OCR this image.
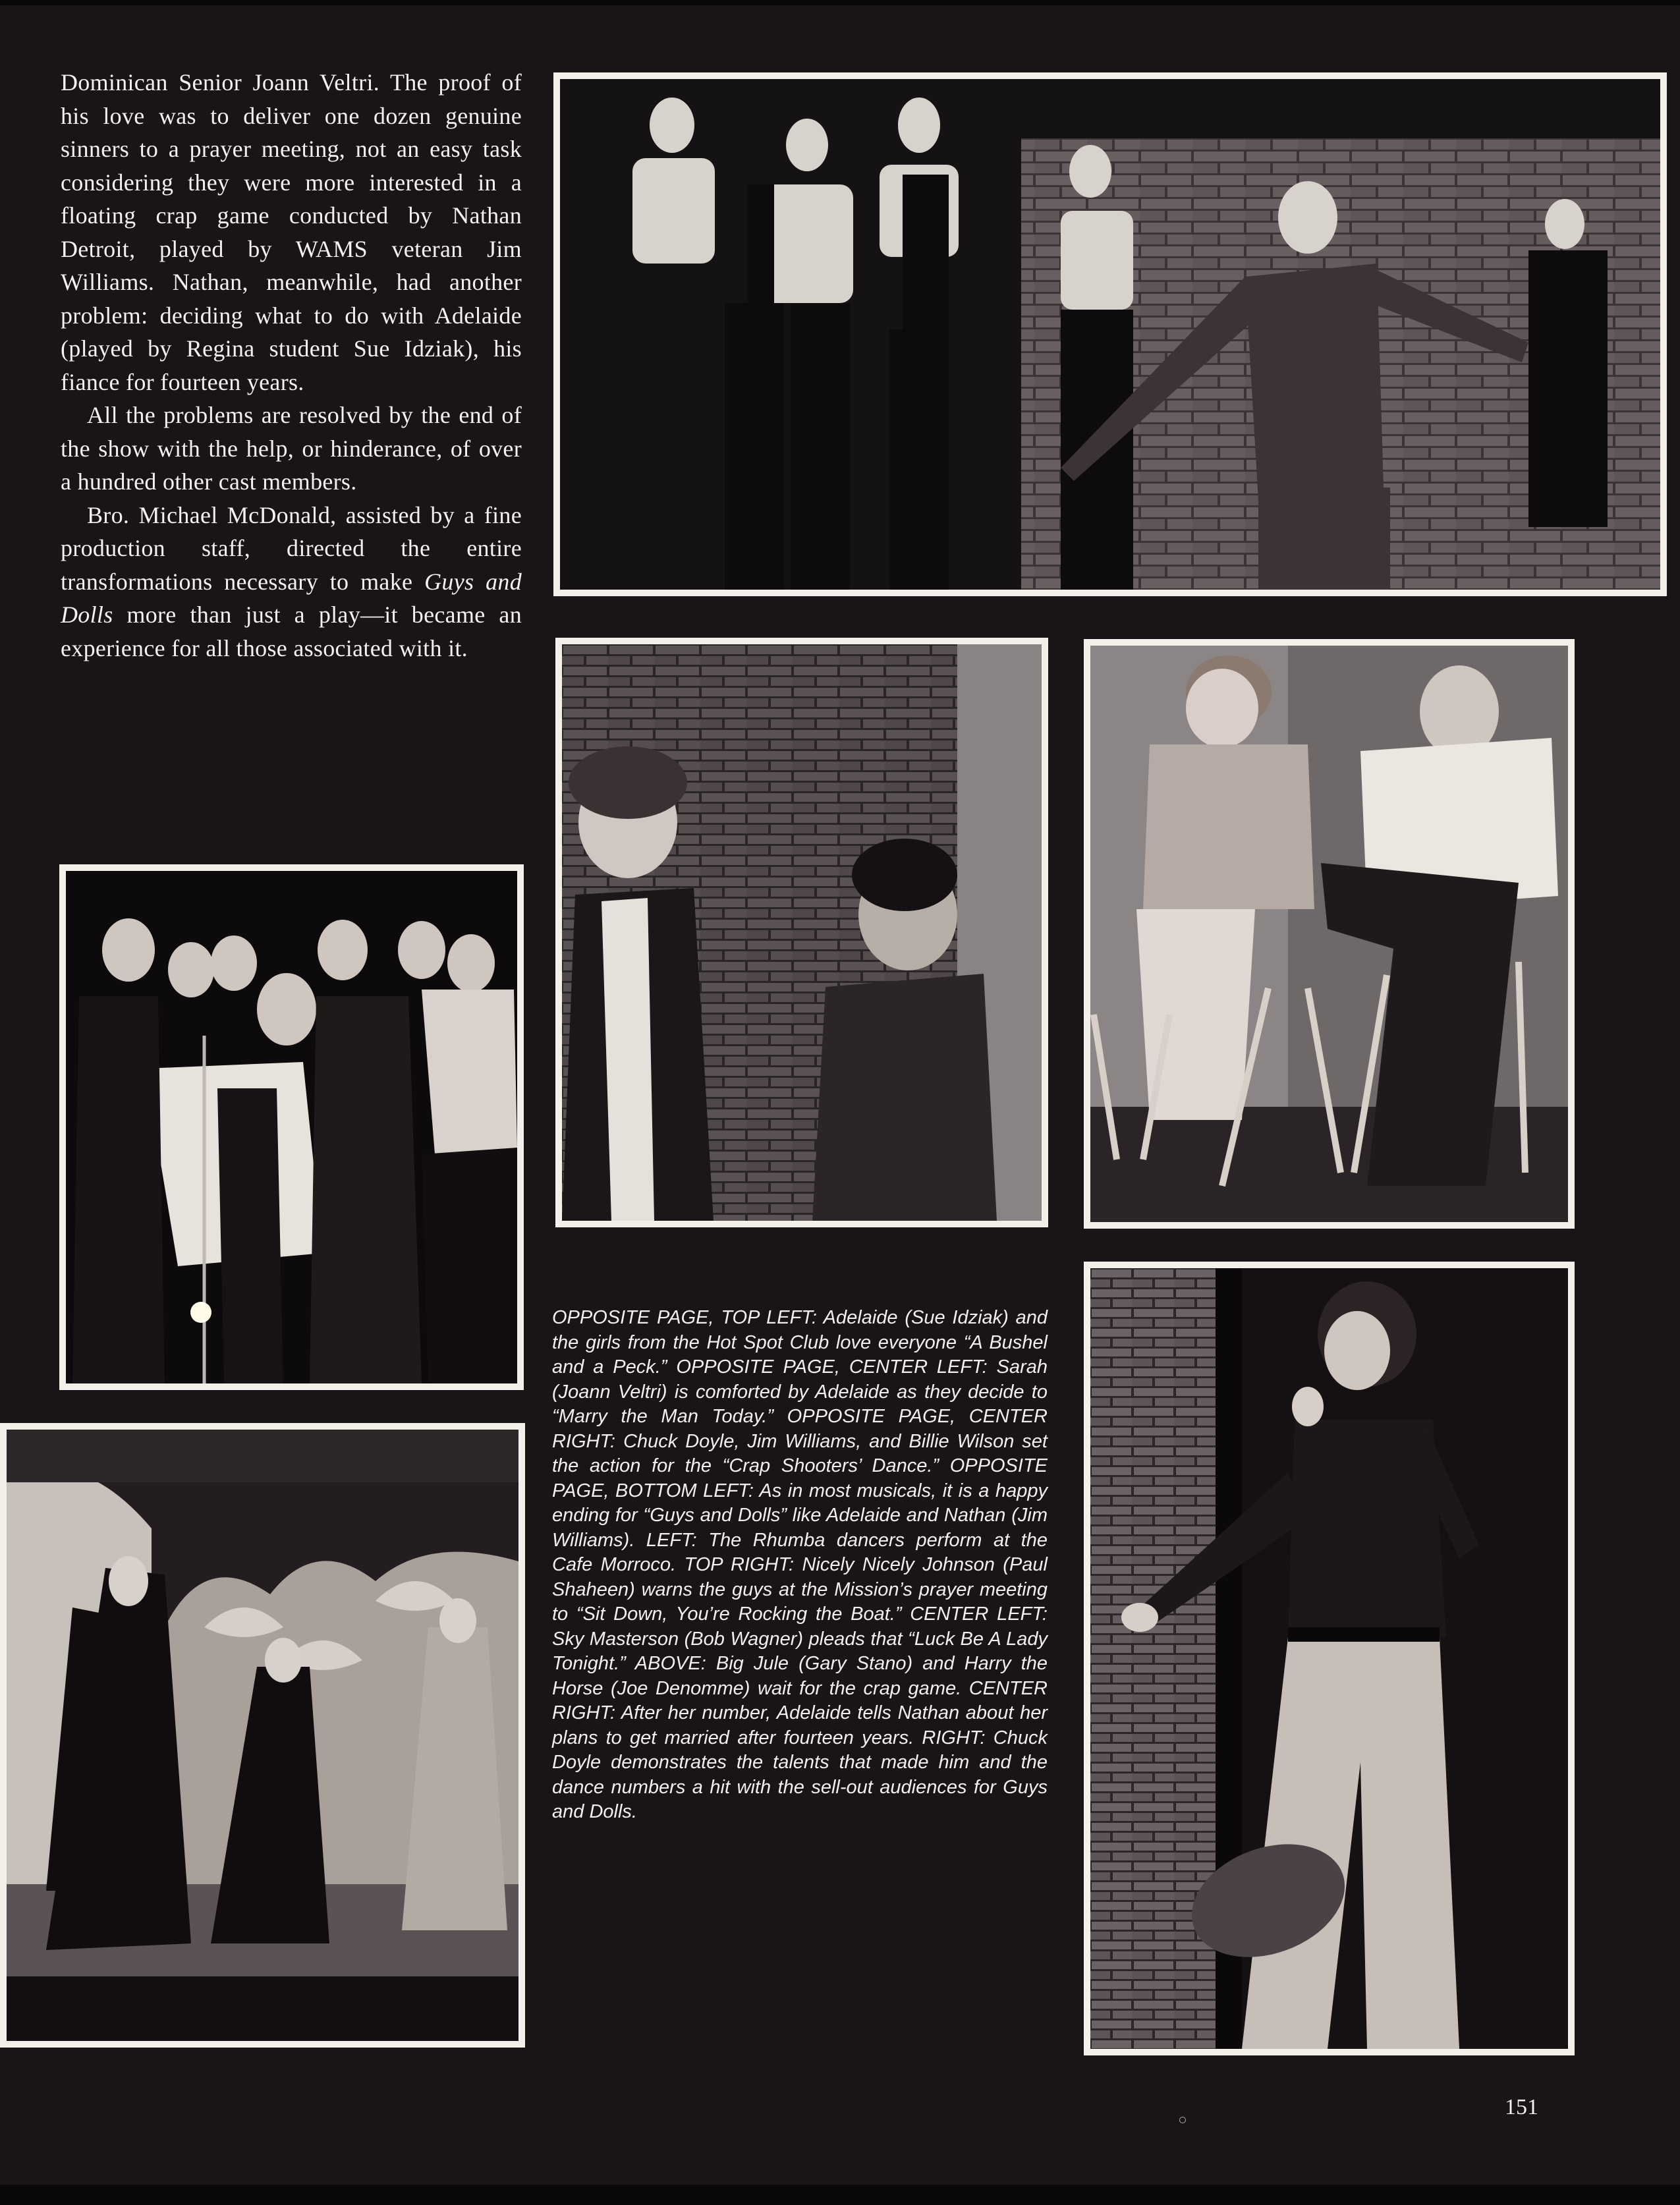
Dominican Senior Joann Veltri. The proof of his love was to deliver one dozen genuine sinners to a prayer meeting, not an easy task considering they were more interested in a floating crap game conducted by Nathan Detroit, played by WAMS veteran Jim Williams. Nathan, meanwhile, had another problem: deciding what to do with Adelaide (played by Regina student Sue Idziak), his fiance for fourteen years.

All the problems are resolved by the end of the show with the help, or hinderance, of over a hundred other cast members.

Bro. Michael McDonald, assisted by a fine production staff, directed the entire transformations necessary to make Guys and Dolls more than just a play—it became an experience for all those associated with it.

OPPOSITE PAGE, TOP LEFT: Adelaide (Sue Idziak) and the girls from the Hot Spot Club love everyone “A Bushel and a Peck.” OPPOSITE PAGE, CENTER LEFT: Sarah (Joann Veltri) is comforted by Adelaide as they decide to “Marry the Man Today.” OPPOSITE PAGE, CENTER RIGHT: Chuck Doyle, Jim Williams, and Billie Wilson set the action for the “Crap Shooters’ Dance.” OPPOSITE PAGE, BOTTOM LEFT: As in most musicals, it is a happy ending for “Guys and Dolls” like Adelaide and Nathan (Jim Williams). LEFT: The Rhumba dancers perform at the Cafe Morroco. TOP RIGHT: Nicely Nicely Johnson (Paul Shaheen) warns the guys at the Mission’s prayer meeting to “Sit Down, You’re Rocking the Boat.” CENTER LEFT: Sky Masterson (Bob Wagner) pleads that “Luck Be A Lady Tonight.” ABOVE: Big Jule (Gary Stano) and Harry the Horse (Joe Denomme) wait for the crap game. CENTER RIGHT: After her number, Adelaide tells Nathan about her plans to get married after fourteen years. RIGHT: Chuck Doyle demonstrates the talents that made him and the dance numbers a hit with the sell-out audiences for Guys and Dolls.
151
